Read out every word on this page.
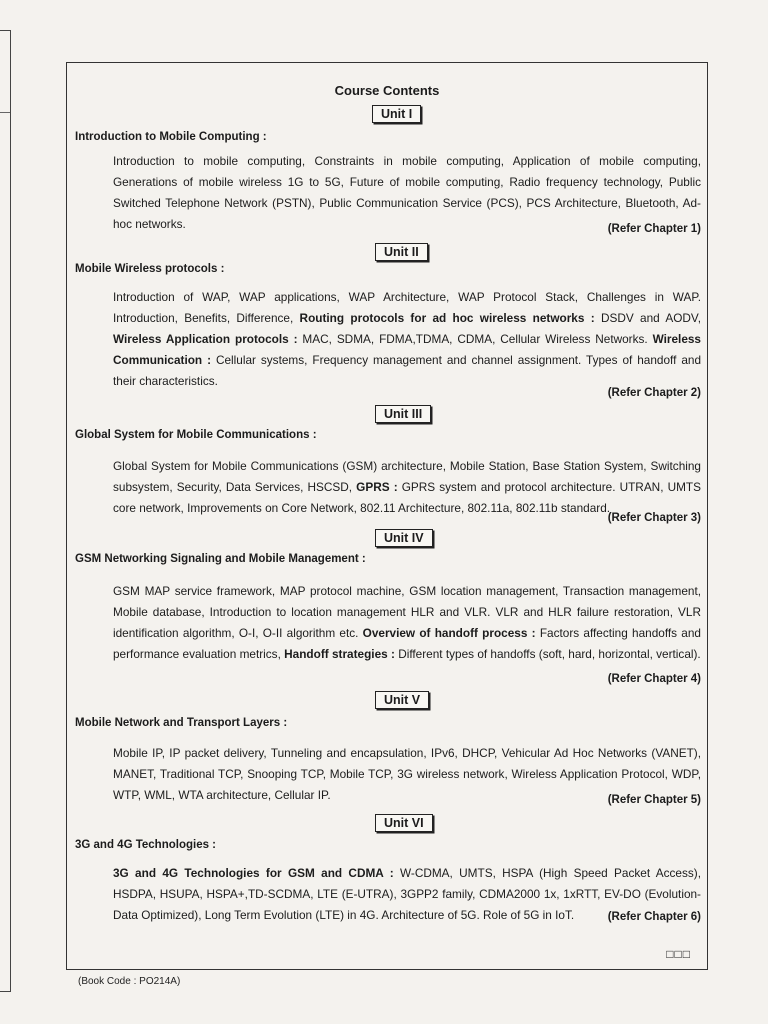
Course Contents
Unit I
Introduction to Mobile Computing :
Introduction to mobile computing, Constraints in mobile computing, Application of mobile computing, Generations of mobile wireless 1G to 5G, Future of mobile computing, Radio frequency technology, Public Switched Telephone Network (PSTN), Public Communication Service (PCS), PCS Architecture, Bluetooth, Ad-hoc networks.	(Refer Chapter 1)
Unit II
Mobile Wireless protocols :
Introduction of WAP, WAP applications, WAP Architecture, WAP Protocol Stack, Challenges in WAP. Introduction, Benefits, Difference, Routing protocols for ad hoc wireless networks : DSDV and AODV, Wireless Application protocols : MAC, SDMA, FDMA,TDMA, CDMA, Cellular Wireless Networks. Wireless Communication : Cellular systems, Frequency management and channel assignment. Types of handoff and their characteristics.
(Refer Chapter 2)
Unit III
Global System for Mobile Communications :
Global System for Mobile Communications (GSM) architecture, Mobile Station, Base Station System, Switching subsystem, Security, Data Services, HSCSD, GPRS : GPRS system and protocol architecture. UTRAN, UMTS core network, Improvements on Core Network, 802.11 Architecture, 802.11a, 802.11b standard.
(Refer Chapter 3)
Unit IV
GSM Networking Signaling and Mobile Management :
GSM MAP service framework, MAP protocol machine, GSM location management, Transaction management, Mobile database, Introduction to location management HLR and VLR. VLR and HLR failure restoration, VLR identification algorithm, O-I, O-II algorithm etc. Overview of handoff process : Factors affecting handoffs and performance evaluation metrics, Handoff strategies : Different types of handoffs (soft, hard, horizontal, vertical).
(Refer Chapter 4)
Unit V
Mobile Network and Transport Layers :
Mobile IP, IP packet delivery, Tunneling and encapsulation, IPv6, DHCP, Vehicular Ad Hoc Networks (VANET), MANET, Traditional TCP, Snooping TCP, Mobile TCP, 3G wireless network, Wireless Application Protocol, WDP, WTP, WML, WTA architecture, Cellular IP.	(Refer Chapter 5)
Unit VI
3G and 4G Technologies :
3G and 4G Technologies for GSM and CDMA : W-CDMA, UMTS, HSPA (High Speed Packet Access), HSDPA, HSUPA, HSPA+,TD-SCDMA, LTE (E-UTRA), 3GPP2 family, CDMA2000 1x, 1xRTT, EV-DO (Evolution-Data Optimized), Long Term Evolution (LTE) in 4G. Architecture of 5G. Role of 5G in IoT.	(Refer Chapter 6)
□□□
(Book Code : PO214A)
